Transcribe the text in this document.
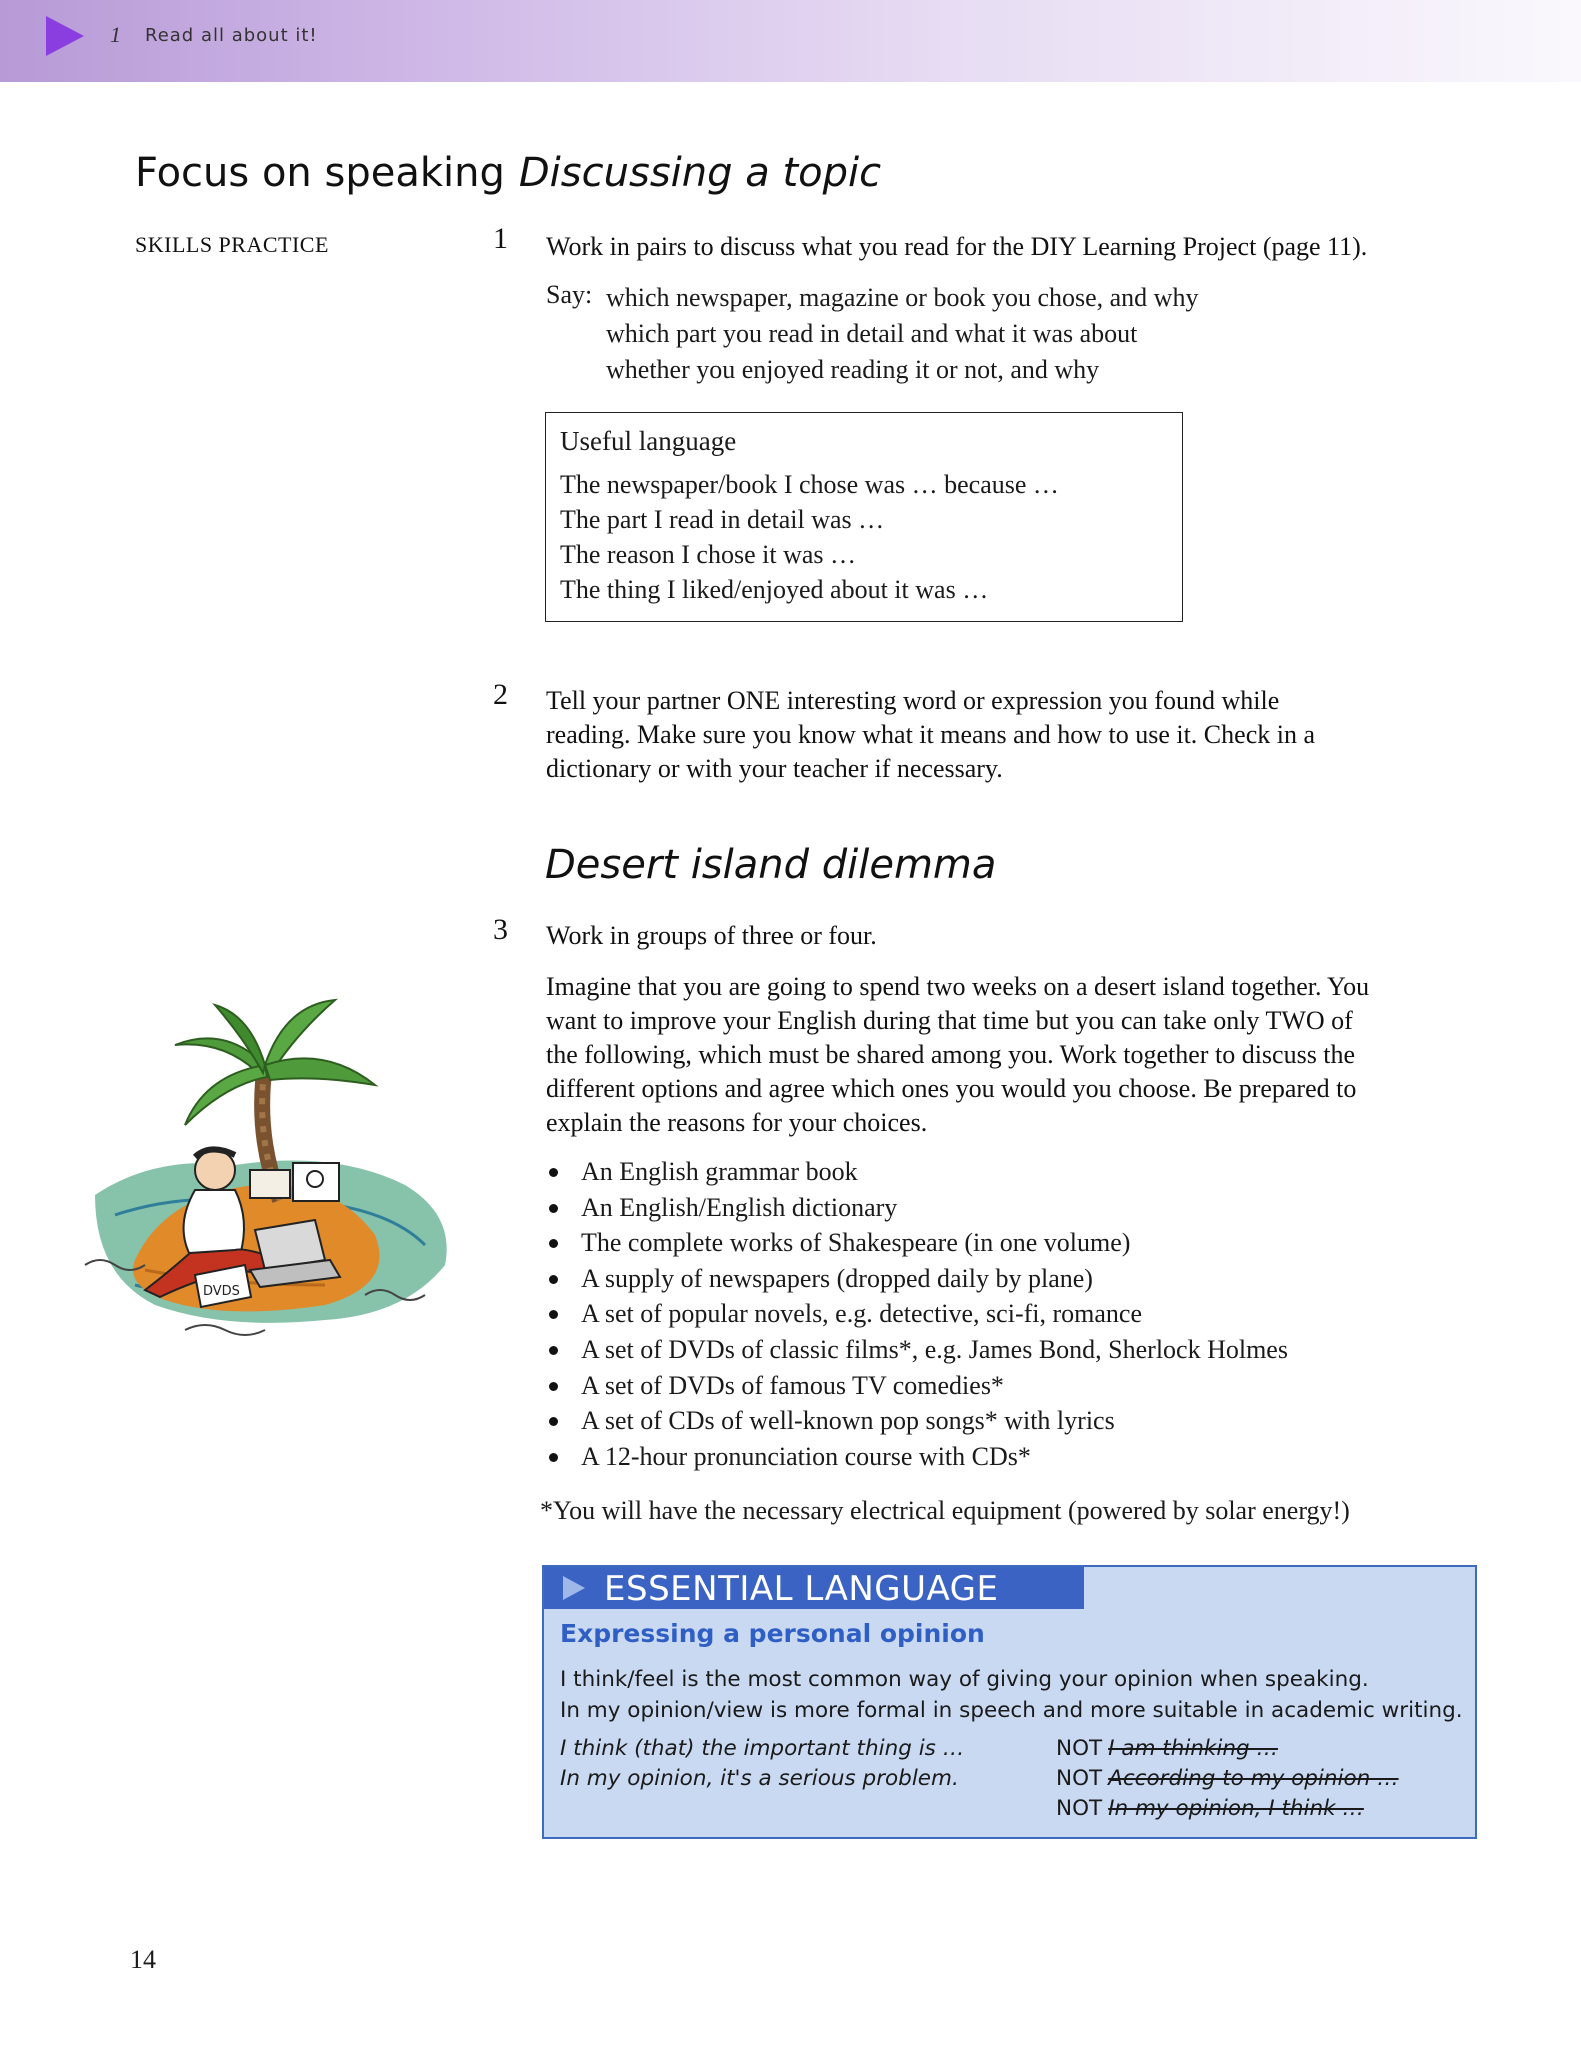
1 Read all about it!
Focus on speaking Discussing a topic
SKILLS PRACTICE	1 Work in pairs to discuss what you read for the DIY Learning Project (page 11).
Say: which newspaper, magazine or book you chose, and why
which part you read in detail and what it was about
whether you enjoyed reading it or not, and why
Useful language
The newspaper/book I chose was … because …
The part I read in detail was …
The reason I chose it was …
The thing I liked/enjoyed about it was …
2 Tell your partner ONE interesting word or expression you found while
reading. Make sure you know what it means and how to use it. Check in a
dictionary or with your teacher if necessary.
Desert island dilemma
3 Work in groups of three or four.
Imagine that you are going to spend two weeks on a desert island together. You
want to improve your English during that time but you can take only TWO of
the following, which must be shared among you. Work together to discuss the
different options and agree which ones you would you choose. Be prepared to
explain the reasons for your choices.
An English grammar book
An English/English dictionary
The complete works of Shakespeare (in one volume)
A supply of newspapers (dropped daily by plane)
A set of popular novels, e.g. detective, sci-fi, romance
A set of DVDs of classic films*, e.g. James Bond, Sherlock Holmes
A set of DVDs of famous TV comedies*
A set of CDs of well-known pop songs* with lyrics
A 12-hour pronunciation course with CDs*
*You will have the necessary electrical equipment (powered by solar energy!)
DVDS
ESSENTIAL LANGUAGE
Expressing a personal opinion
I think/feel is the most common way of giving your opinion when speaking.
In my opinion/view is more formal in speech and more suitable in academic writing.
I think (that) the important thing is …
In my opinion, it's a serious problem.
NOT I am thinking …
NOT According to my opinion …
NOT In my opinion, I think …
14
